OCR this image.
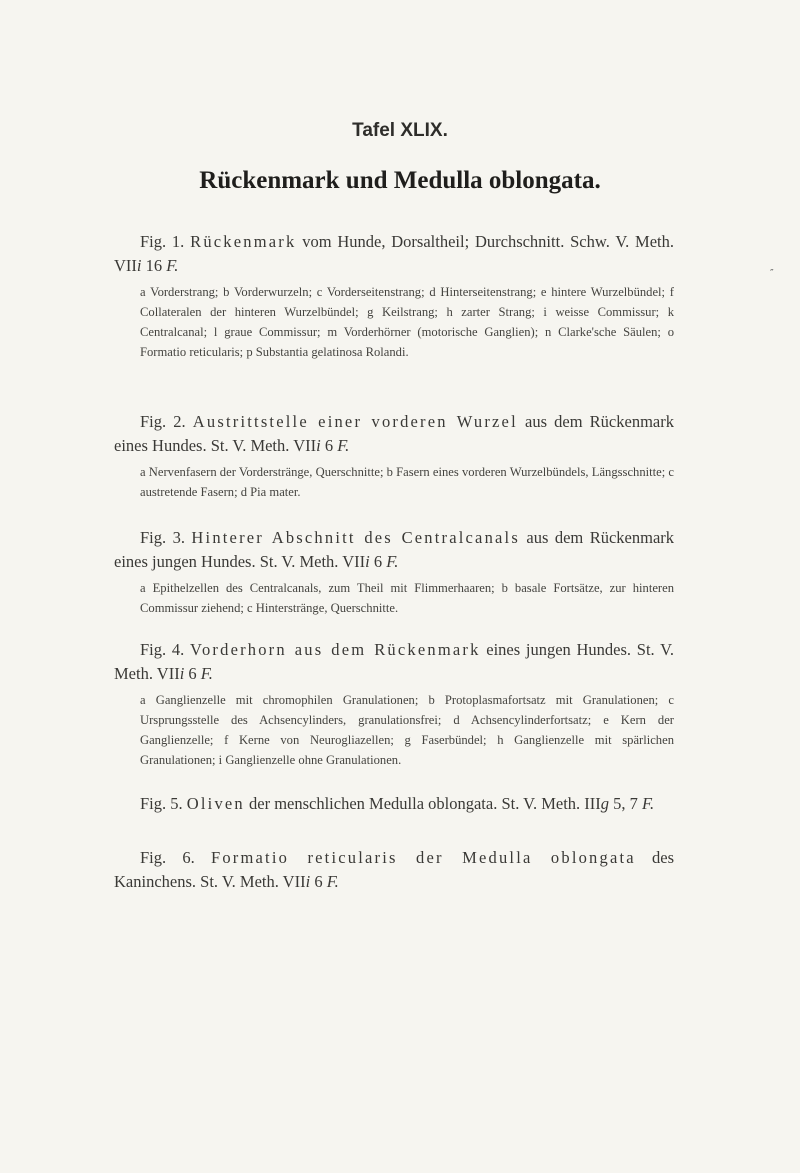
Tafel XLIX.
Rückenmark und Medulla oblongata.

Fig. 1. Rückenmark vom Hunde, Dorsaltheil; Durchschnitt. Schw. V. Meth. VIIi 16 F.

a Vorderstrang; b Vorderwurzeln; c Vorderseitenstrang; d Hinterseitenstrang; e hintere Wurzelbündel; f Collateralen der hinteren Wurzelbündel; g Keilstrang; h zarter Strang; i weisse Commissur; k Centralcanal; l graue Commissur; m Vorderhörner (motorische Ganglien); n Clarke'sche Säulen; o Formatio reticularis; p Substantia gelatinosa Rolandi.

Fig. 2. Austrittstelle einer vorderen Wurzel aus dem Rückenmark eines Hundes. St. V. Meth. VIIi 6 F.

a Nervenfasern der Vorderstränge, Querschnitte; b Fasern eines vorderen Wurzelbündels, Längsschnitte; c austretende Fasern; d Pia mater.

Fig. 3. Hinterer Abschnitt des Centralcanals aus dem Rückenmark eines jungen Hundes. St. V. Meth. VIIi 6 F.

a Epithelzellen des Centralcanals, zum Theil mit Flimmerhaaren; b basale Fortsätze, zur hinteren Commissur ziehend; c Hinterstränge, Querschnitte.

Fig. 4. Vorderhorn aus dem Rückenmark eines jungen Hundes. St. V. Meth. VIIi 6 F.

a Ganglienzelle mit chromophilen Granulationen; b Protoplasmafortsatz mit Granulationen; c Ursprungsstelle des Achsencylinders, granulationsfrei; d Achsencylinderfortsatz; e Kern der Ganglienzelle; f Kerne von Neurogliazellen; g Faserbündel; h Ganglienzelle mit spärlichen Granulationen; i Ganglienzelle ohne Granulationen.

Fig. 5. Oliven der menschlichen Medulla oblongata. St. V. Meth. IIIg 5, 7 F.

Fig. 6. Formatio reticularis der Medulla oblongata des Kaninchens. St. V. Meth. VIIi 6 F.

″
